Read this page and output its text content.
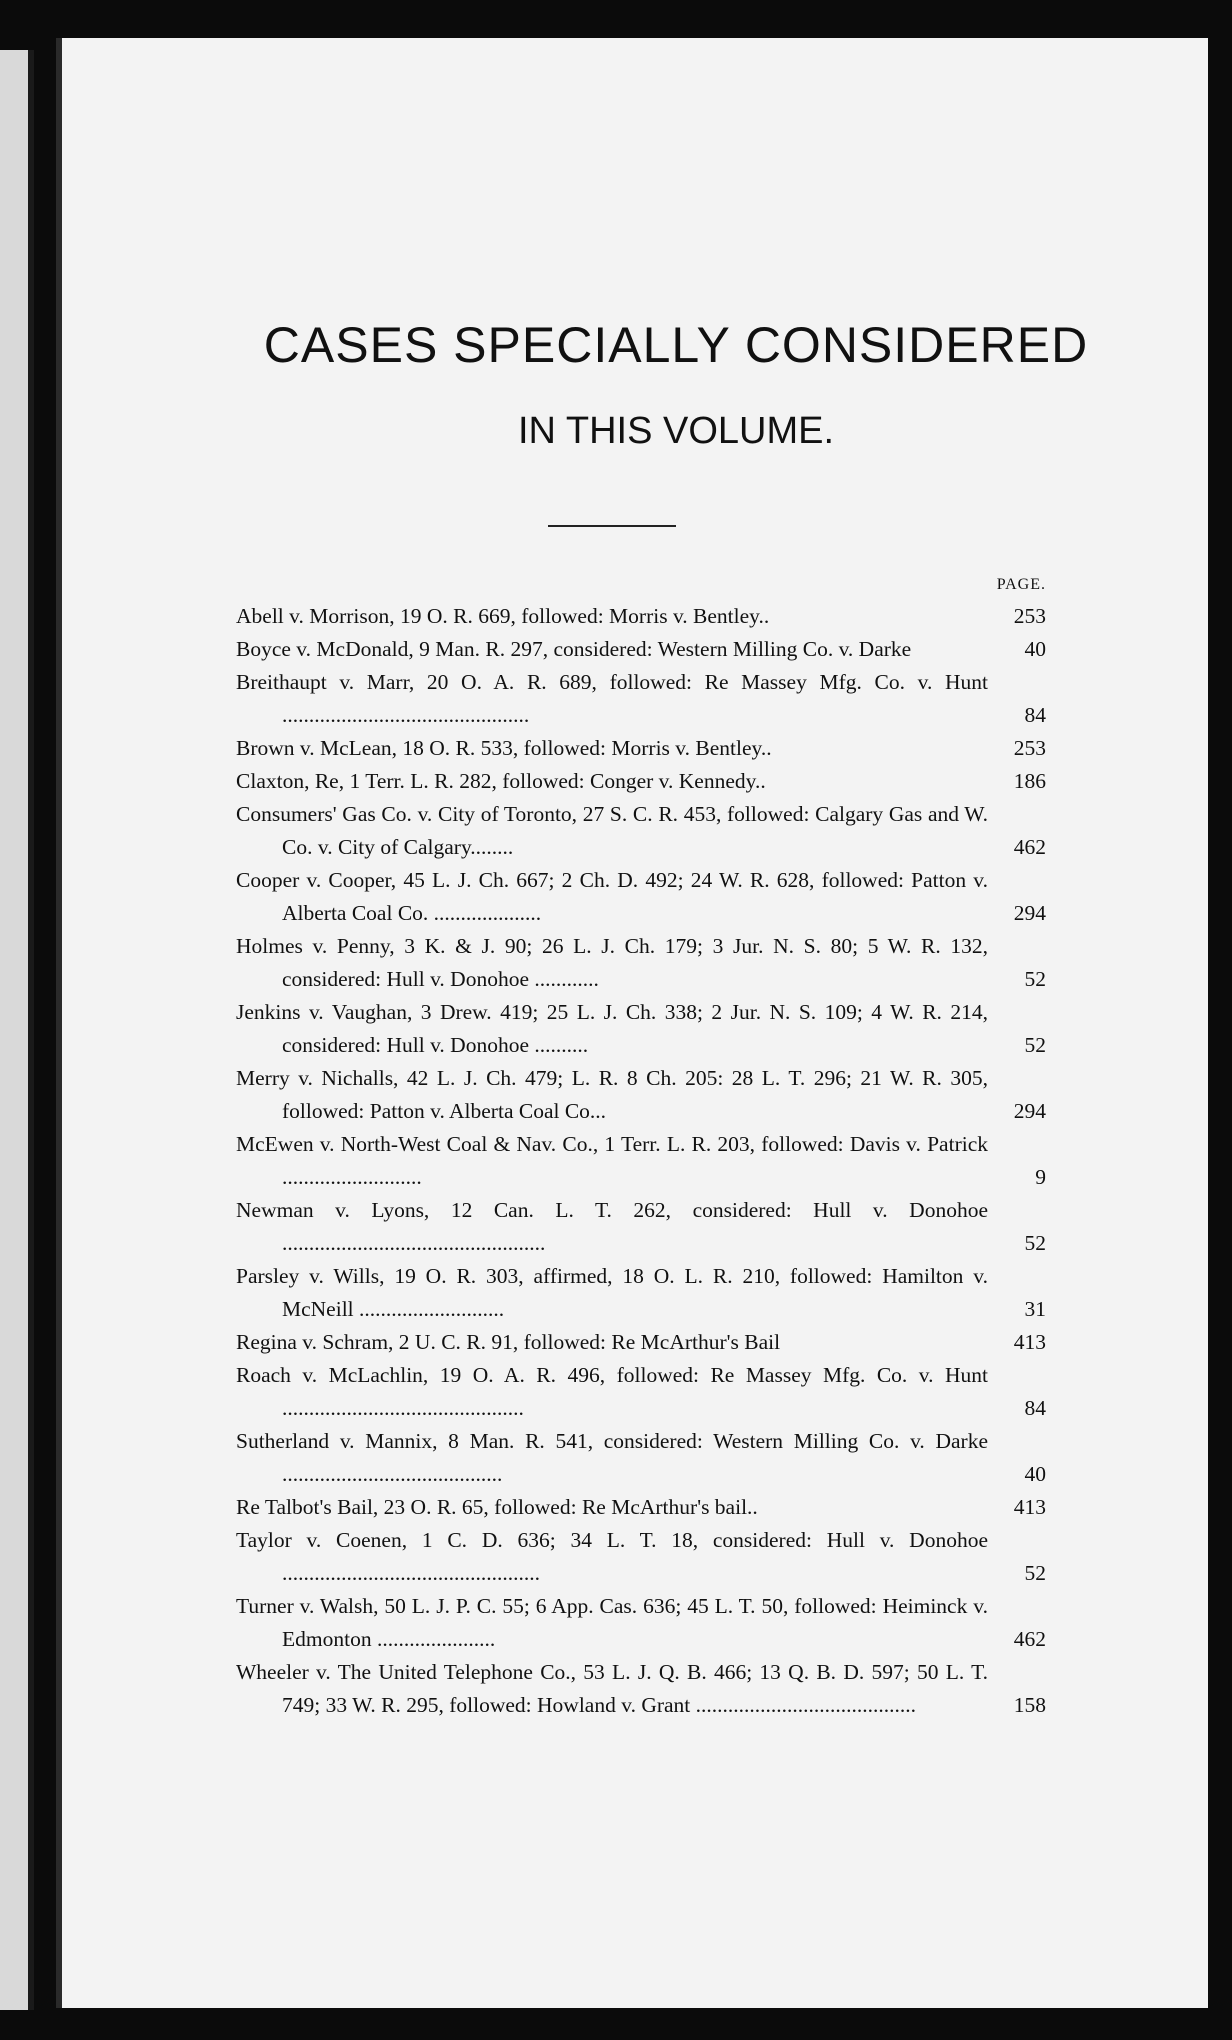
CASES SPECIALLY CONSIDERED
IN THIS VOLUME.
PAGE.
Abell v. Morrison, 19 O. R. 669, followed: Morris v. Bentley..	253
Boyce v. McDonald, 9 Man. R. 297, considered: Western Milling Co. v. Darke	40
Breithaupt v. Marr, 20 O. A. R. 689, followed: Re Massey Mfg. Co. v. Hunt ..............................................	84
Brown v. McLean, 18 O. R. 533, followed: Morris v. Bentley..	253
Claxton, Re, 1 Terr. L. R. 282, followed: Conger v. Kennedy..	186
Consumers' Gas Co. v. City of Toronto, 27 S. C. R. 453, followed: Calgary Gas and W. Co. v. City of Calgary........	462
Cooper v. Cooper, 45 L. J. Ch. 667; 2 Ch. D. 492; 24 W. R. 628, followed: Patton v. Alberta Coal Co. ....................	294
Holmes v. Penny, 3 K. & J. 90; 26 L. J. Ch. 179; 3 Jur. N. S. 80; 5 W. R. 132, considered: Hull v. Donohoe ............	52
Jenkins v. Vaughan, 3 Drew. 419; 25 L. J. Ch. 338; 2 Jur. N. S. 109; 4 W. R. 214, considered: Hull v. Donohoe ..........	52
Merry v. Nichalls, 42 L. J. Ch. 479; L. R. 8 Ch. 205: 28 L. T. 296; 21 W. R. 305, followed: Patton v. Alberta Coal Co...	294
McEwen v. North-West Coal & Nav. Co., 1 Terr. L. R. 203, followed: Davis v. Patrick ..........................	9
Newman v. Lyons, 12 Can. L. T. 262, considered: Hull v. Donohoe .................................................	52
Parsley v. Wills, 19 O. R. 303, affirmed, 18 O. L. R. 210, followed: Hamilton v. McNeill ...........................	31
Regina v. Schram, 2 U. C. R. 91, followed: Re McArthur's Bail	413
Roach v. McLachlin, 19 O. A. R. 496, followed: Re Massey Mfg. Co. v. Hunt .............................................	84
Sutherland v. Mannix, 8 Man. R. 541, considered: Western Milling Co. v. Darke .........................................	40
Re Talbot's Bail, 23 O. R. 65, followed: Re McArthur's bail..	413
Taylor v. Coenen, 1 C. D. 636; 34 L. T. 18, considered: Hull v. Donohoe ................................................	52
Turner v. Walsh, 50 L. J. P. C. 55; 6 App. Cas. 636; 45 L. T. 50, followed: Heiminck v. Edmonton ......................	462
Wheeler v. The United Telephone Co., 53 L. J. Q. B. 466; 13 Q. B. D. 597; 50 L. T. 749; 33 W. R. 295, followed: Howland v. Grant .........................................	158
